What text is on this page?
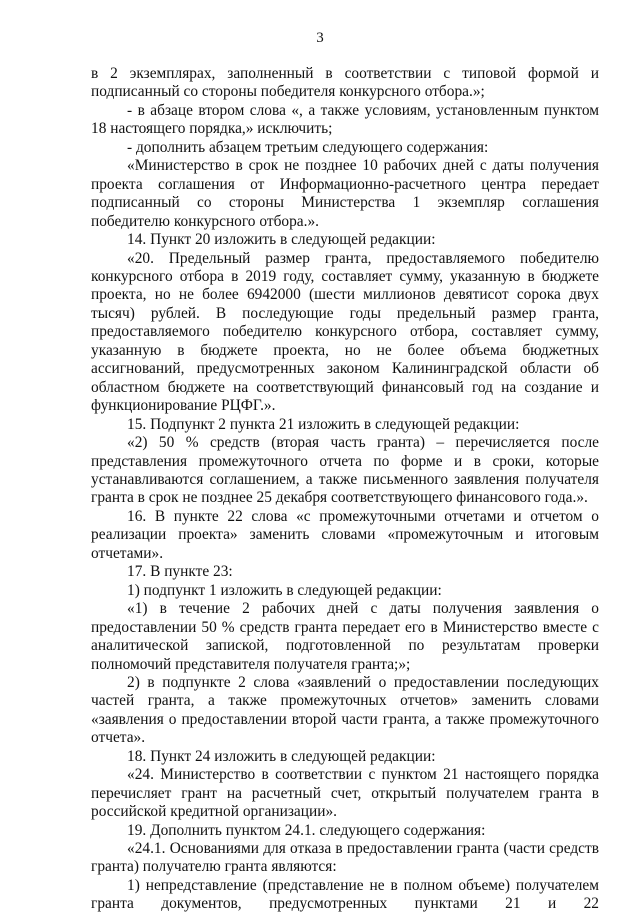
3

в 2 экземплярах, заполненный в соответствии с типовой формой и подписанный со стороны победителя конкурсного отбора.»;

- в абзаце втором слова «, а также условиям, установленным пунктом 18 настоящего порядка,» исключить;

- дополнить абзацем третьим следующего содержания:

«Министерство в срок не позднее 10 рабочих дней с даты получения проекта соглашения от Информационно-расчетного центра передает подписанный со стороны Министерства 1 экземпляр соглашения победителю конкурсного отбора.».

14. Пункт 20 изложить в следующей редакции:

«20. Предельный размер гранта, предоставляемого победителю конкурсного отбора в 2019 году, составляет сумму, указанную в бюджете проекта, но не более 6942000 (шести миллионов девятисот сорока двух тысяч) рублей. В последующие годы предельный размер гранта, предоставляемого победителю конкурсного отбора, составляет сумму, указанную в бюджете проекта, но не более объема бюджетных ассигнований, предусмотренных законом Калининградской области об областном бюджете на соответствующий финансовый год на создание и функционирование РЦФГ.».

15. Подпункт 2 пункта 21 изложить в следующей редакции:

«2) 50 % средств (вторая часть гранта) – перечисляется после представления промежуточного отчета по форме и в сроки, которые устанавливаются соглашением, а также письменного заявления получателя гранта в срок не позднее 25 декабря соответствующего финансового года.».

16. В пункте 22 слова «с промежуточными отчетами и отчетом о реализации проекта» заменить словами «промежуточным и итоговым отчетами».

17. В пункте 23:

1) подпункт 1 изложить в следующей редакции:

«1) в течение 2 рабочих дней с даты получения заявления о предоставлении 50 % средств гранта передает его в Министерство вместе с аналитической запиской, подготовленной по результатам проверки полномочий представителя получателя гранта;»;

2) в подпункте 2 слова «заявлений о предоставлении последующих частей гранта, а также промежуточных отчетов» заменить словами «заявления о предоставлении второй части гранта, а также промежуточного отчета».

18. Пункт 24 изложить в следующей редакции:

«24. Министерство в соответствии с пунктом 21 настоящего порядка перечисляет грант на расчетный счет, открытый получателем гранта в российской кредитной организации».

19. Дополнить пунктом 24.1. следующего содержания:

«24.1. Основаниями для отказа в предоставлении гранта (части средств гранта) получателю гранта являются:

1) непредставление (представление не в полном объеме) получателем гранта документов, предусмотренных пунктами 21 и 22
